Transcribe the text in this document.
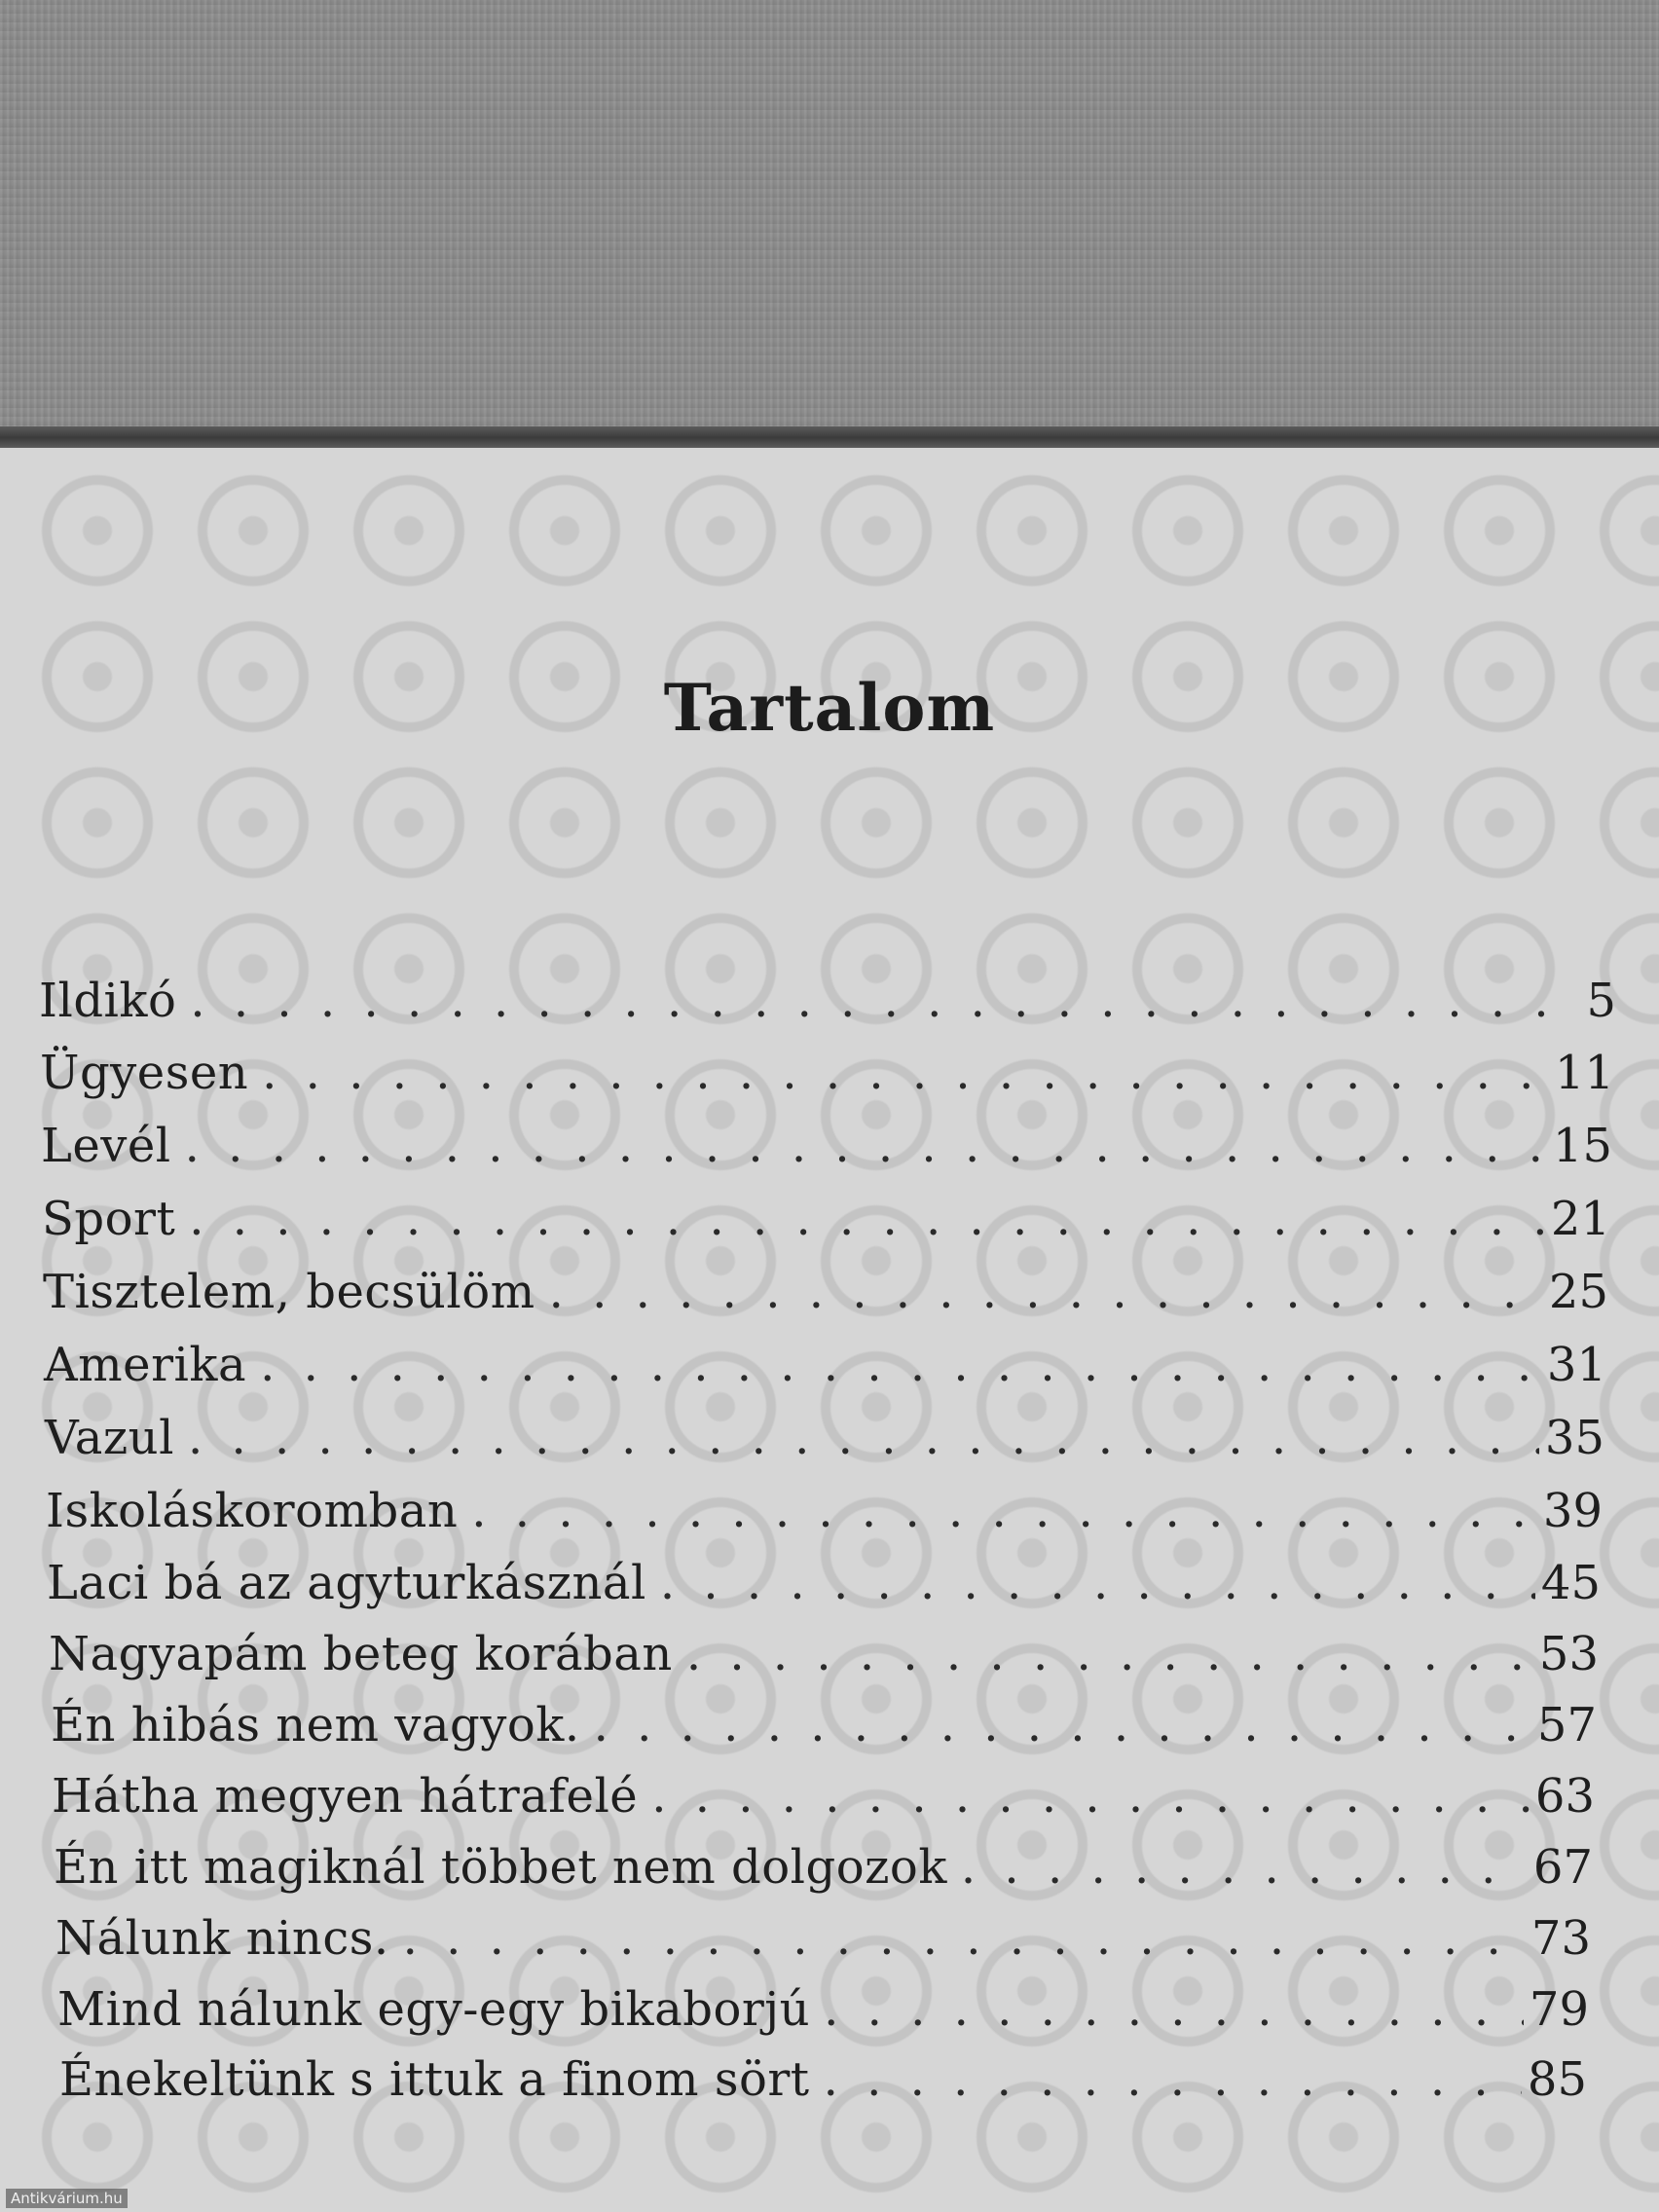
Tartalom
Ildikó . . .	5
Ügyesen . . .	11
Levél . . .	15
Sport . . .	21
Tisztelem, becsülöm . . .	25
Amerika . . .	31
Vazul . . .	35
Iskoláskoromban . . .	39
Laci bá az agyturkásznál . . .	45
Nagyapám beteg korában . . .	53
Én hibás nem vagyok. . . .	57
Hátha megyen hátrafelé . . .	63
Én itt magiknál többet nem dolgozok . . .	67
Nálunk nincs. . . .	73
Mind nálunk egy-egy bikaborjú . . .	79
Énekeltünk s ittuk a finom sört . . .	85
Antikvárium.hu
